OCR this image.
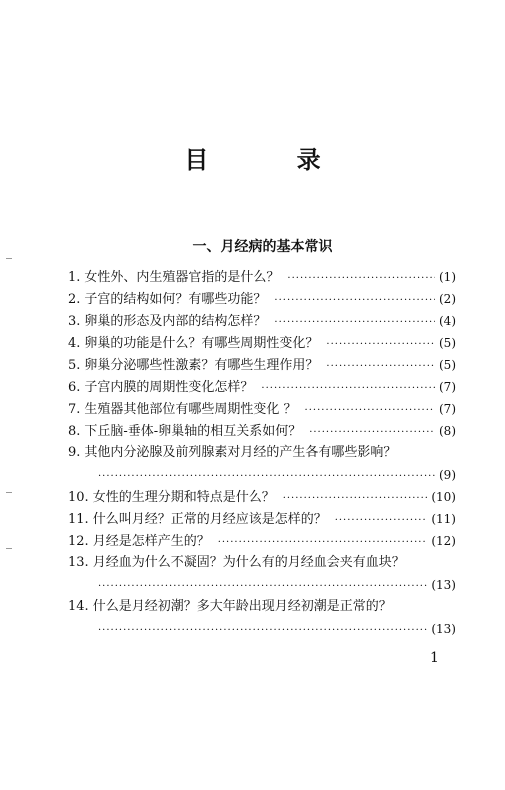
目 录
一、月经病的基本常识
1. 女性外、内生殖器官指的是什么？ ·····	(1)
2. 子宫的结构如何？有哪些功能？ ·····	(2)
3. 卵巢的形态及内部的结构怎样？ ·····	(4)
4. 卵巢的功能是什么？有哪些周期性变化？ ·····	(5)
5. 卵巢分泌哪些性激素？有哪些生理作用？ ·····	(5)
6. 子宫内膜的周期性变化怎样？ ·····	(7)
7. 生殖器其他部位有哪些周期性变化 ？ ·····	(7)
8. 下丘脑-垂体-卵巢轴的相互关系如何？ ·····	(8)
9. 其他内分泌腺及前列腺素对月经的产生各有哪些影响？
·····
(9)
10. 女性的生理分期和特点是什么？ ·····	(10)
11. 什么叫月经？正常的月经应该是怎样的？ ·····	(11)
12. 月经是怎样产生的？ ·····	(12)
13. 月经血为什么不凝固？为什么有的月经血会夹有血块？
·····
(13)
14. 什么是月经初潮？多大年龄出现月经初潮是正常的？
·····
(13)
1
